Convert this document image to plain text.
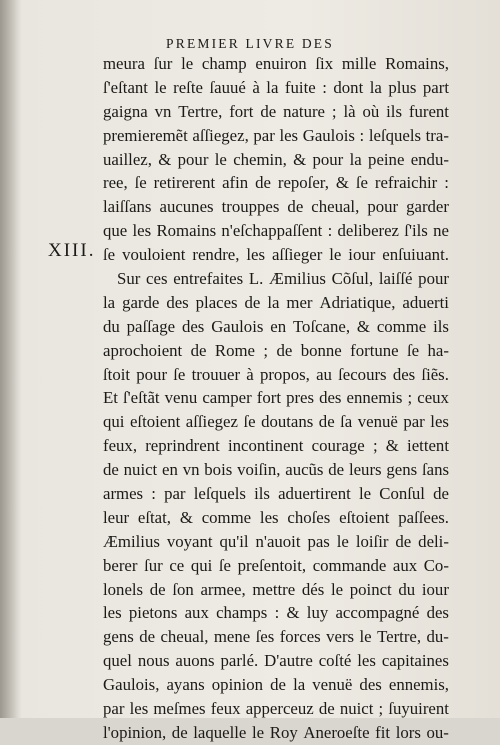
PREMIER LIVRE DES
XIII.
meura ſur le champ enuiron ſix mille Romains,
ſ'eſtant le reſte ſauué à la fuite : dont la plus part
gaigna vn Tertre, fort de nature ; là où ils furent
premieremẽt aſſiegez, par les Gaulois : leſquels tra-
uaillez, & pour le chemin, & pour la peine endu-
ree, ſe retirerent afin de repoſer, & ſe refraichir :
laiſſans aucunes trouppes de cheual, pour garder
que les Romains n'eſchappaſſent : deliberez ſ'ils ne
ſe vouloient rendre, les aſſieger le iour enſuiuant.
Sur ces entrefaites L. Æmilius Cõſul, laiſſé pour
la garde des places de la mer Adriatique, aduerti
du paſſage des Gaulois en Toſcane, & comme ils
aprochoient de Rome ; de bonne fortune ſe ha-
ſtoit pour ſe trouuer à propos, au ſecours des ſiẽs.
Et ſ'eſtãt venu camper fort pres des ennemis ; ceux
qui eſtoient aſſiegez ſe doutans de ſa venuë par les
feux, reprindrent incontinent courage ; & iettent
de nuict en vn bois voiſin, aucũs de leurs gens ſans
armes : par leſquels ils aduertirent le Conſul de
leur eſtat, & comme les choſes eſtoient paſſees.
Æmilius voyant qu'il n'auoit pas le loiſir de deli-
berer ſur ce qui ſe preſentoit, commande aux Co-
lonels de ſon armee, mettre dés le poinct du iour
les pietons aux champs : & luy accompagné des
gens de cheual, mene ſes forces vers le Tertre, du-
quel nous auons parlé. D'autre coſté les capitaines
Gaulois, ayans opinion de la venuë des ennemis,
par les meſmes feux apperceuz de nuict ; ſuyuirent
l'opinion, de laquelle le Roy Aneroeſte fit lors ou-
